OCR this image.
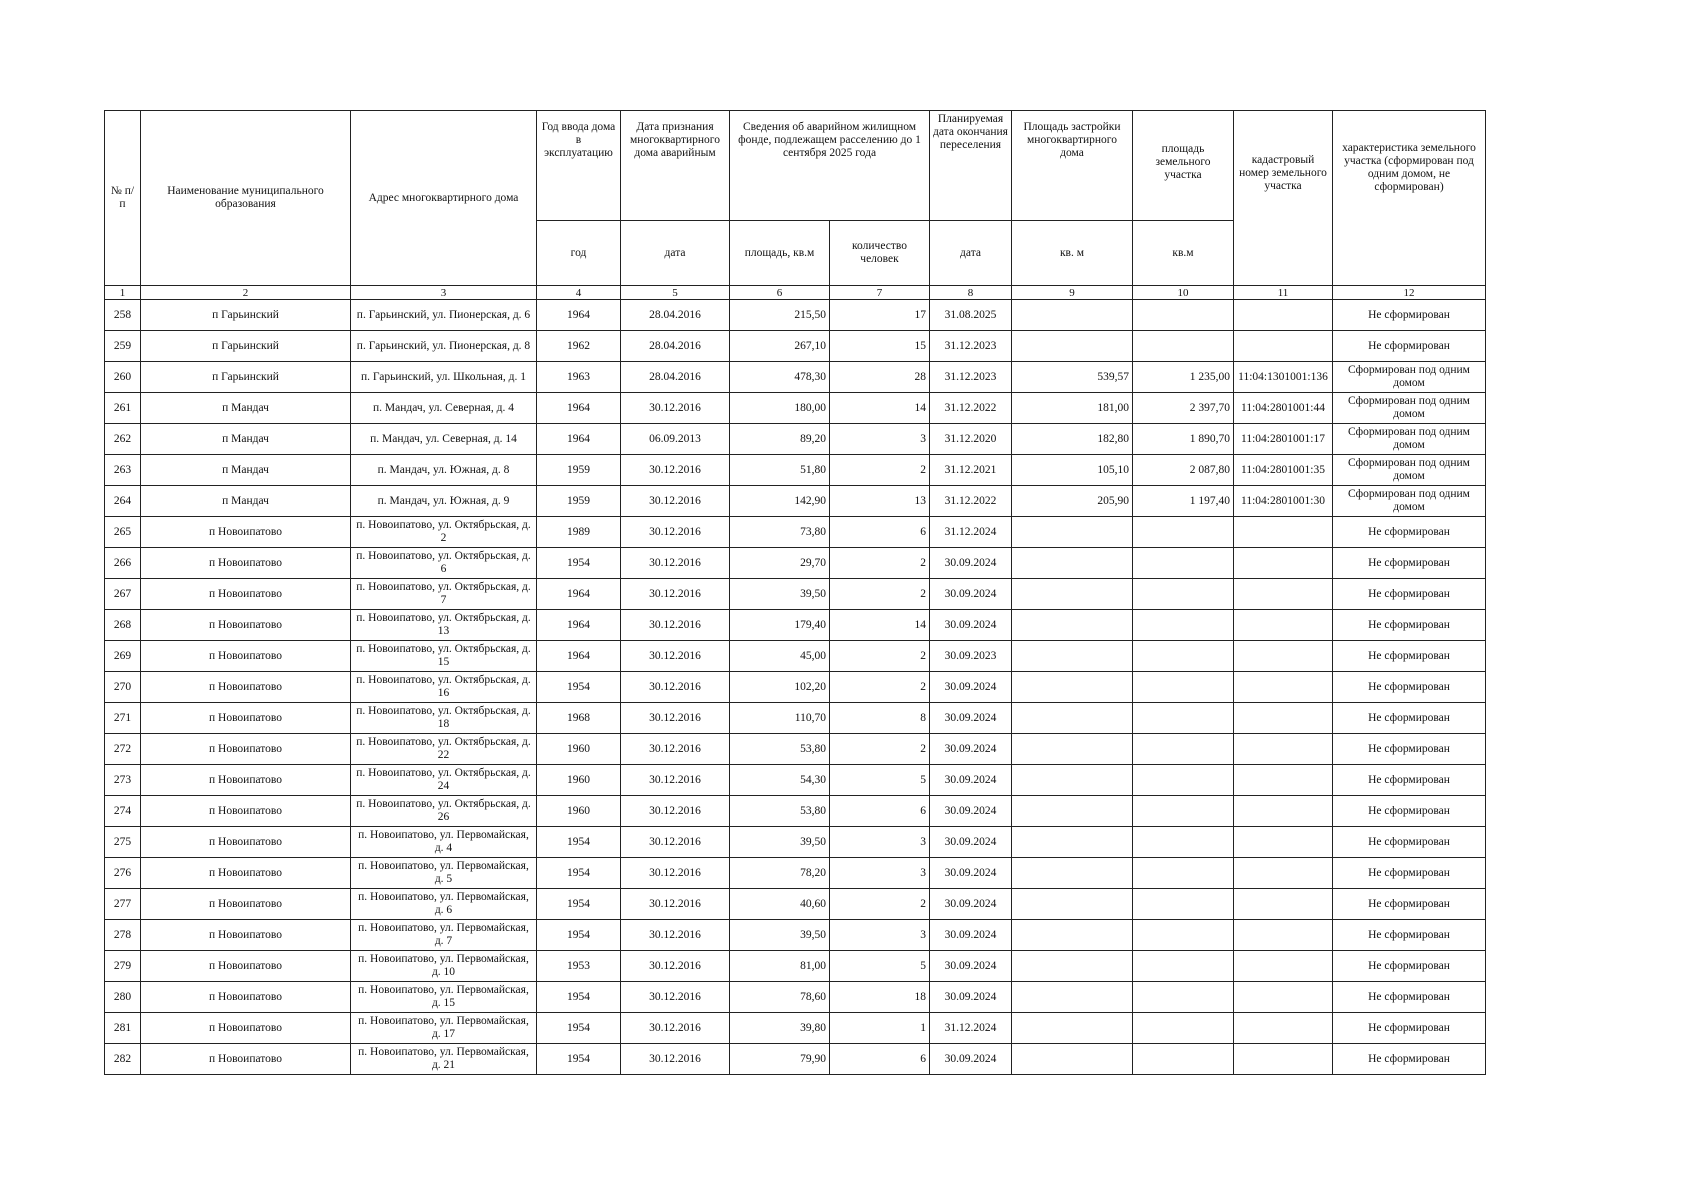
№ п/п	Наименование муниципального образования	Адрес многоквартирного дома	Год ввода дома в эксплуатацию	Дата признания многоквартирного дома аварийным	Сведения об аварийном жилищном фонде, подлежащем расселению до 1 сентября 2025 года		Планируемая дата окончания переселения	Площадь застройки многоквартирного дома	площадь земельного участка	кадастровый номер земельного участка	характеристика земельного участка (сформирован под одним домом, не сформирован)
			год	дата	площадь, кв.м	количество человек	дата	кв. м	кв.м		
1	2	3	4	5	6	7	8	9	10	11	12
258	п Гарьинский	п. Гарьинский, ул. Пионерская, д. 6	1964	28.04.2016	215,50	17	31.08.2025				Не сформирован
259	п Гарьинский	п. Гарьинский, ул. Пионерская, д. 8	1962	28.04.2016	267,10	15	31.12.2023				Не сформирован
260	п Гарьинский	п. Гарьинский, ул. Школьная, д. 1	1963	28.04.2016	478,30	28	31.12.2023	539,57	1 235,00	11:04:1301001:136	Сформирован под одним домом
261	п Мандач	п. Мандач, ул. Северная, д. 4	1964	30.12.2016	180,00	14	31.12.2022	181,00	2 397,70	11:04:2801001:44	Сформирован под одним домом
262	п Мандач	п. Мандач, ул. Северная, д. 14	1964	06.09.2013	89,20	3	31.12.2020	182,80	1 890,70	11:04:2801001:17	Сформирован под одним домом
263	п Мандач	п. Мандач, ул. Южная, д. 8	1959	30.12.2016	51,80	2	31.12.2021	105,10	2 087,80	11:04:2801001:35	Сформирован под одним домом
264	п Мандач	п. Мандач, ул. Южная, д. 9	1959	30.12.2016	142,90	13	31.12.2022	205,90	1 197,40	11:04:2801001:30	Сформирован под одним домом
265	п Новоипатово	п. Новоипатово, ул. Октябрьская, д. 2	1989	30.12.2016	73,80	6	31.12.2024				Не сформирован
266	п Новоипатово	п. Новоипатово, ул. Октябрьская, д. 6	1954	30.12.2016	29,70	2	30.09.2024				Не сформирован
267	п Новоипатово	п. Новоипатово, ул. Октябрьская, д. 7	1964	30.12.2016	39,50	2	30.09.2024				Не сформирован
268	п Новоипатово	п. Новоипатово, ул. Октябрьская, д. 13	1964	30.12.2016	179,40	14	30.09.2024				Не сформирован
269	п Новоипатово	п. Новоипатово, ул. Октябрьская, д. 15	1964	30.12.2016	45,00	2	30.09.2023				Не сформирован
270	п Новоипатово	п. Новоипатово, ул. Октябрьская, д. 16	1954	30.12.2016	102,20	2	30.09.2024				Не сформирован
271	п Новоипатово	п. Новоипатово, ул. Октябрьская, д. 18	1968	30.12.2016	110,70	8	30.09.2024				Не сформирован
272	п Новоипатово	п. Новоипатово, ул. Октябрьская, д. 22	1960	30.12.2016	53,80	2	30.09.2024				Не сформирован
273	п Новоипатово	п. Новоипатово, ул. Октябрьская, д. 24	1960	30.12.2016	54,30	5	30.09.2024				Не сформирован
274	п Новоипатово	п. Новоипатово, ул. Октябрьская, д. 26	1960	30.12.2016	53,80	6	30.09.2024				Не сформирован
275	п Новоипатово	п. Новоипатово, ул. Первомайская, д. 4	1954	30.12.2016	39,50	3	30.09.2024				Не сформирован
276	п Новоипатово	п. Новоипатово, ул. Первомайская, д. 5	1954	30.12.2016	78,20	3	30.09.2024				Не сформирован
277	п Новоипатово	п. Новоипатово, ул. Первомайская, д. 6	1954	30.12.2016	40,60	2	30.09.2024				Не сформирован
278	п Новоипатово	п. Новоипатово, ул. Первомайская, д. 7	1954	30.12.2016	39,50	3	30.09.2024				Не сформирован
279	п Новоипатово	п. Новоипатово, ул. Первомайская, д. 10	1953	30.12.2016	81,00	5	30.09.2024				Не сформирован
280	п Новоипатово	п. Новоипатово, ул. Первомайская, д. 15	1954	30.12.2016	78,60	18	30.09.2024				Не сформирован
281	п Новоипатово	п. Новоипатово, ул. Первомайская, д. 17	1954	30.12.2016	39,80	1	31.12.2024				Не сформирован
282	п Новоипатово	п. Новоипатово, ул. Первомайская, д. 21	1954	30.12.2016	79,90	6	30.09.2024				Не сформирован
